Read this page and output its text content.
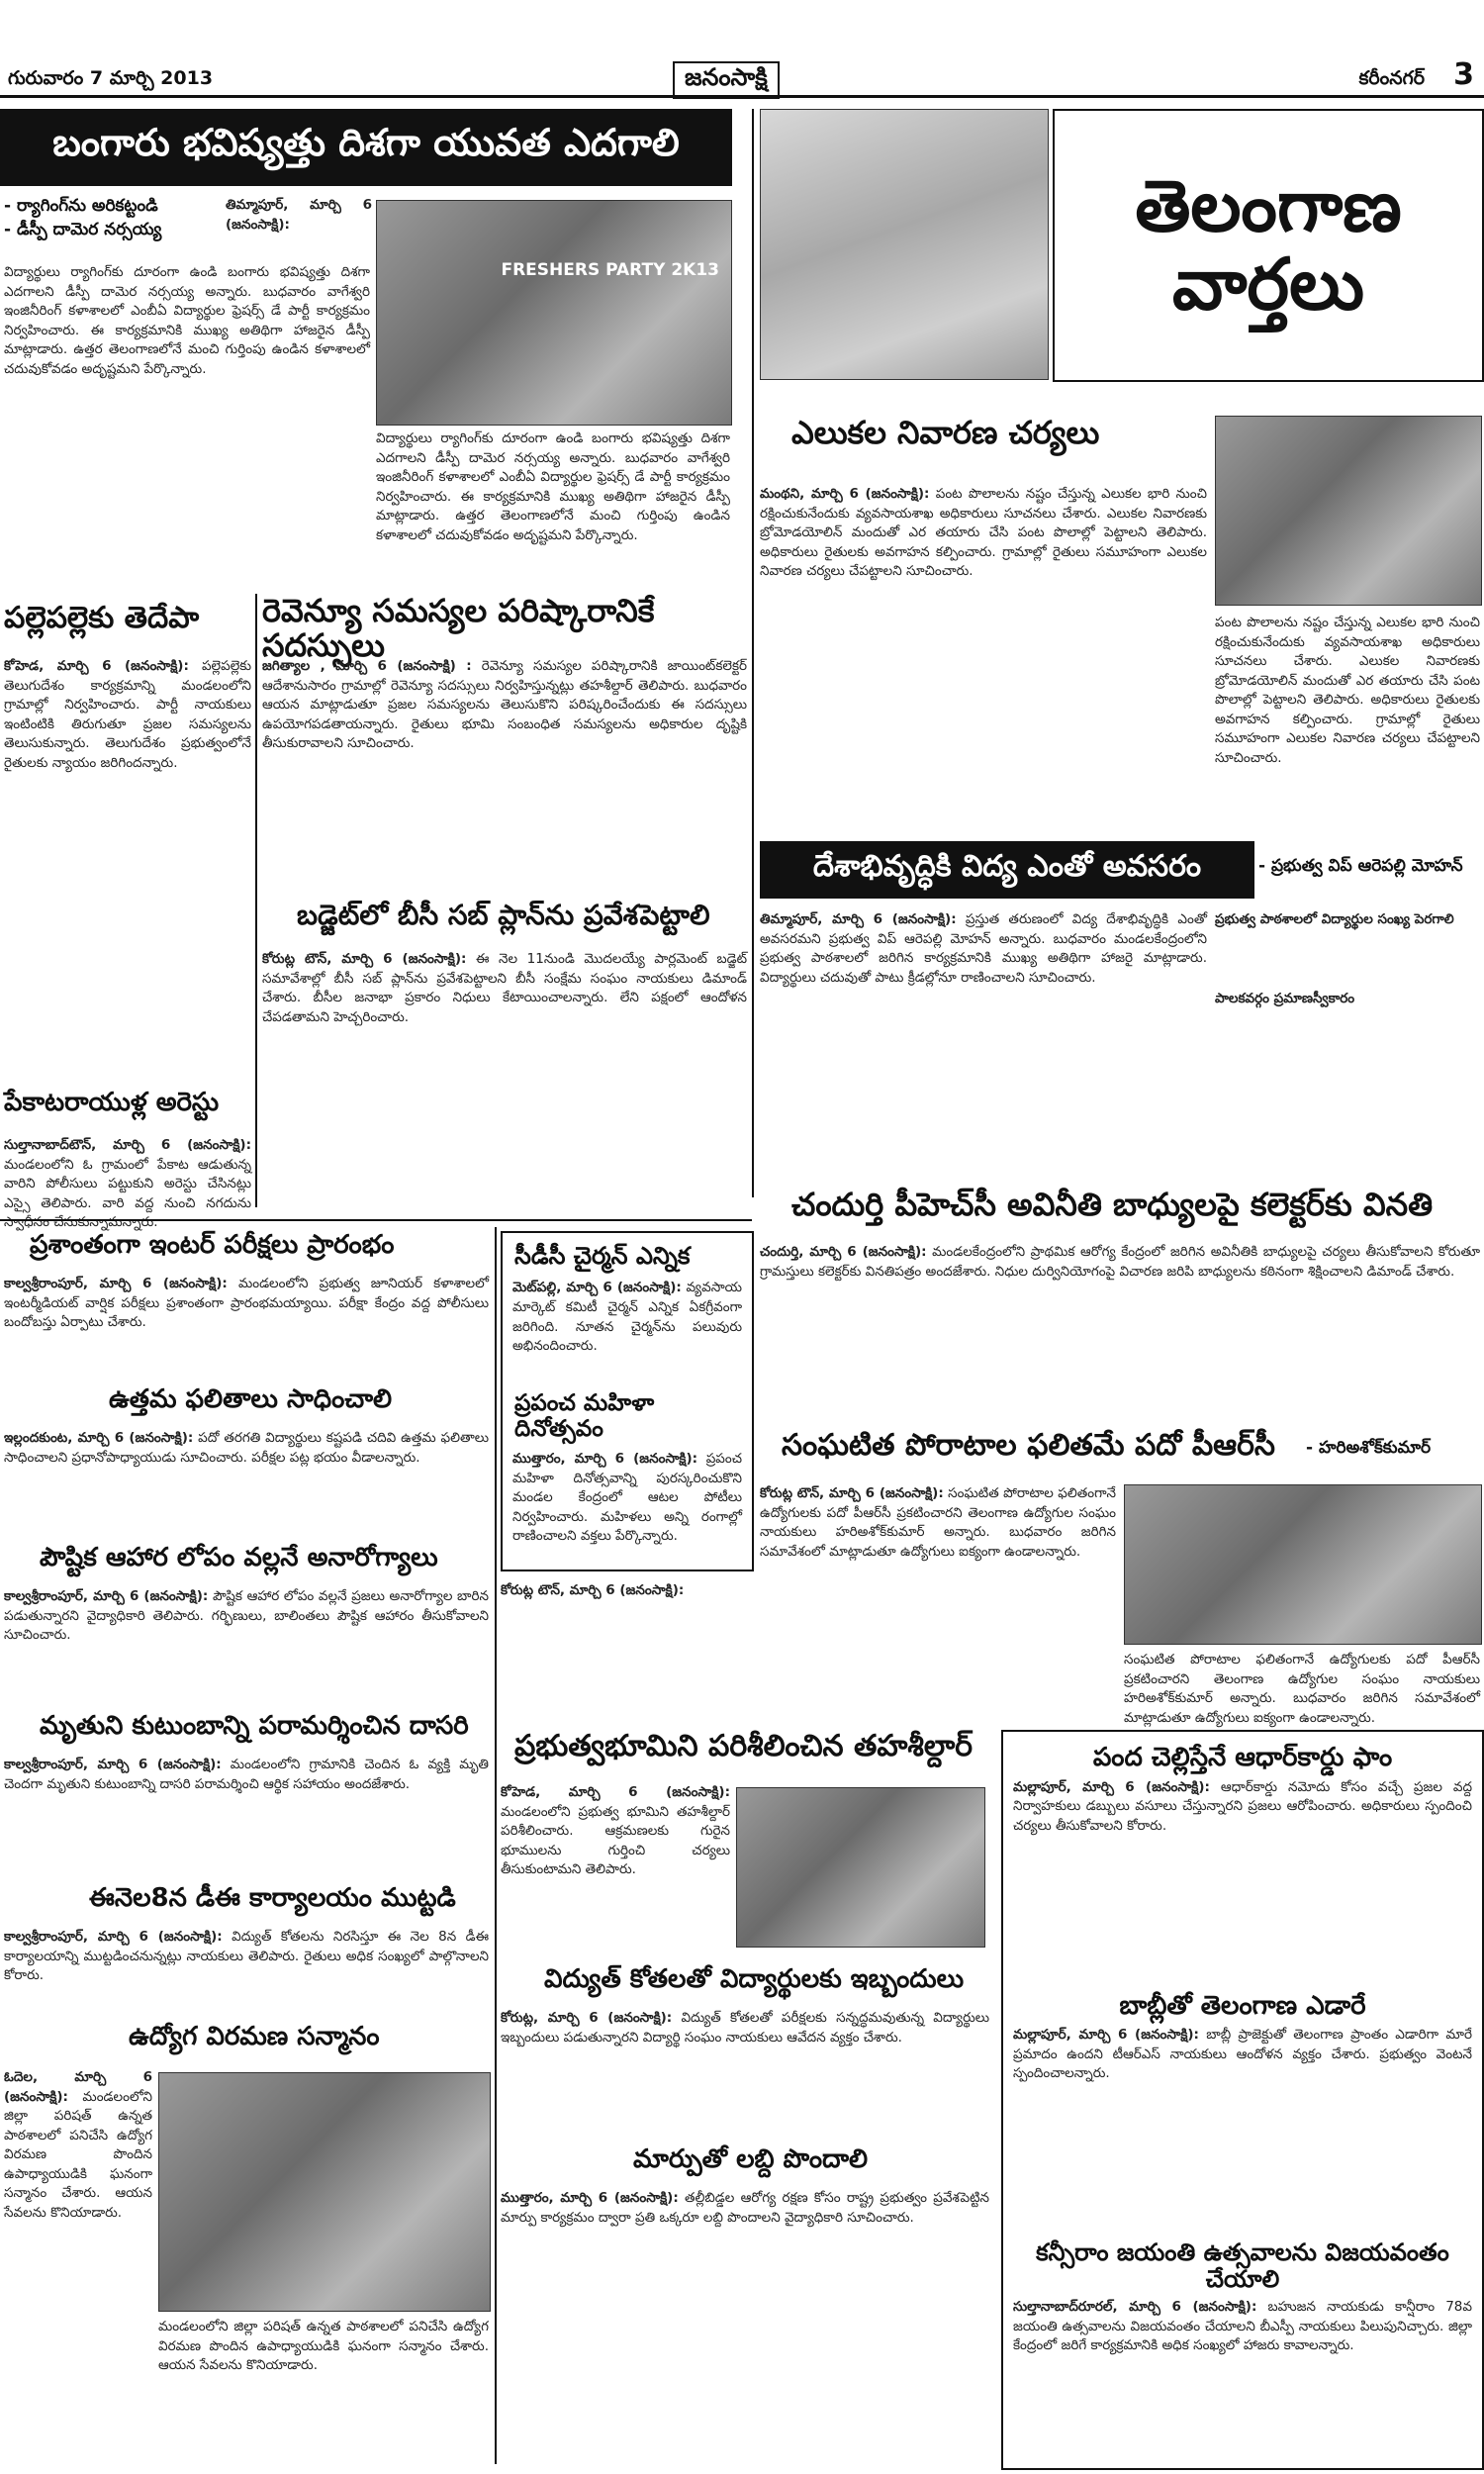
గురువారం 7 మార్చి 2013	జనంసాక్షి	కరీంనగర్ 3
బంగారు భవిష్యత్తు దిశగా యువత ఎదగాలి
- ర్యాగింగ్‌ను అరికట్టండి
- డీస్పీ దామెర నర్సయ్య
తిమ్మాపూర్‌, మార్చి 6 (జనంసాక్షి):
FRESHERS PARTY 2K13
విద్యార్థులు ర్యాగింగ్‌కు దూరంగా ఉండి బంగారు భవిష్యత్తు దిశగా ఎదగాలని డీస్పీ దామెర నర్సయ్య అన్నారు. బుధవారం వాగేశ్వరి ఇంజినీరింగ్‌ కళాశాలలో ఎంబీఏ విద్యార్థుల ఫ్రెషర్స్‌ డే పార్టీ కార్యక్రమం నిర్వహించారు. ఈ కార్యక్రమానికి ముఖ్య అతిథిగా హాజరైన డీస్పీ మాట్లాడారు. ఉత్తర తెలంగాణలోనే మంచి గుర్తింపు ఉండిన కళాశాలలో చదువుకోవడం అదృష్టమని పేర్కొన్నారు.
విద్యార్థులు ర్యాగింగ్‌కు దూరంగా ఉండి బంగారు భవిష్యత్తు దిశగా ఎదగాలని డీస్పీ దామెర నర్సయ్య అన్నారు. బుధవారం వాగేశ్వరి ఇంజినీరింగ్‌ కళాశాలలో ఎంబీఏ విద్యార్థుల ఫ్రెషర్స్‌ డే పార్టీ కార్యక్రమం నిర్వహించారు. ఈ కార్యక్రమానికి ముఖ్య అతిథిగా హాజరైన డీస్పీ మాట్లాడారు. ఉత్తర తెలంగాణలోనే మంచి గుర్తింపు ఉండిన కళాశాలలో చదువుకోవడం అదృష్టమని పేర్కొన్నారు.
తెలంగాణ
వార్తలు
ఎలుకల నివారణ చర్యలు
మంథని, మార్చి 6 (జనంసాక్షి): పంట పొలాలను నష్టం చేస్తున్న ఎలుకల భారి నుంచి రక్షించుకునేందుకు వ్యవసాయశాఖ అధికారులు సూచనలు చేశారు. ఎలుకల నివారణకు బ్రోమోడయోలిన్‌ మందుతో ఎర తయారు చేసి పంట పొలాల్లో పెట్టాలని తెలిపారు. అధికారులు రైతులకు అవగాహన కల్పించారు. గ్రామాల్లో రైతులు సమూహంగా ఎలుకల నివారణ చర్యలు చేపట్టాలని సూచించారు.
పంట పొలాలను నష్టం చేస్తున్న ఎలుకల భారి నుంచి రక్షించుకునేందుకు వ్యవసాయశాఖ అధికారులు సూచనలు చేశారు. ఎలుకల నివారణకు బ్రోమోడయోలిన్‌ మందుతో ఎర తయారు చేసి పంట పొలాల్లో పెట్టాలని తెలిపారు. అధికారులు రైతులకు అవగాహన కల్పించారు. గ్రామాల్లో రైతులు సమూహంగా ఎలుకల నివారణ చర్యలు చేపట్టాలని సూచించారు.
రెవెన్యూ సమస్యల పరిష్కారానికే సదస్సులు
జగిత్యాల , మార్చి 6 (జనంసాక్షి) : రెవెన్యూ సమస్యల పరిష్కారానికి జాయింట్‌కలెక్టర్‌ ఆదేశానుసారం గ్రామాల్లో రెవెన్యూ సదస్సులు నిర్వహిస్తున్నట్లు తహశీల్దార్‌ తెలిపారు. బుధవారం ఆయన మాట్లాడుతూ ప్రజల సమస్యలను తెలుసుకొని పరిష్కరించేందుకు ఈ సదస్సులు ఉపయోగపడతాయన్నారు. రైతులు భూమి సంబంధిత సమస్యలను అధికారుల దృష్టికి తీసుకురావాలని సూచించారు.
పల్లెపల్లెకు తెదేపా
కోహెడ, మార్చి 6 (జనంసాక్షి): పల్లెపల్లెకు తెలుగుదేశం కార్యక్రమాన్ని మండలంలోని గ్రామాల్లో నిర్వహించారు. పార్టీ నాయకులు ఇంటింటికి తిరుగుతూ ప్రజల సమస్యలను తెలుసుకున్నారు. తెలుగుదేశం ప్రభుత్వంలోనే రైతులకు న్యాయం జరిగిందన్నారు.
పేకాటరాయుళ్ల అరెస్టు
సుల్తానాబాద్‌టౌన్‌, మార్చి 6 (జనంసాక్షి): మండలంలోని ఓ గ్రామంలో పేకాట ఆడుతున్న వారిని పోలీసులు పట్టుకుని అరెస్టు చేసినట్లు ఎస్సై తెలిపారు. వారి వద్ద నుంచి నగదును స్వాధీనం చేసుకున్నామన్నారు.
బడ్జెట్‌లో బీసీ సబ్‌ ప్లాన్‌ను ప్రవేశపెట్టాలి
కోరుట్ల టౌన్‌, మార్చి 6 (జనంసాక్షి): ఈ నెల 11నుండి మొదలయ్యే పార్లమెంట్‌ బడ్జెట్‌ సమావేశాల్లో బీసీ సబ్‌ ప్లాన్‌ను ప్రవేశపెట్టాలని బీసీ సంక్షేమ సంఘం నాయకులు డిమాండ్‌ చేశారు. బీసీల జనాభా ప్రకారం నిధులు కేటాయించాలన్నారు. లేని పక్షంలో ఆందోళన చేపడతామని హెచ్చరించారు.
దేశాభివృద్ధికి విద్య ఎంతో అవసరం	- ప్రభుత్వ విప్‌ ఆరెపల్లి మోహన్‌
తిమ్మాపూర్‌, మార్చి 6 (జనంసాక్షి): ప్రస్తుత తరుణంలో విద్య దేశాభివృద్ధికి ఎంతో అవసరమని ప్రభుత్వ విప్‌ ఆరెపల్లి మోహన్‌ అన్నారు. బుధవారం మండలకేంద్రంలోని ప్రభుత్వ పాఠశాలలో జరిగిన కార్యక్రమానికి ముఖ్య అతిథిగా హాజరై మాట్లాడారు. విద్యార్థులు చదువుతో పాటు క్రీడల్లోనూ రాణించాలని సూచించారు.
ప్రభుత్వ పాఠశాలలో విద్యార్థుల సంఖ్య పెరగాలి
పాలకవర్గం ప్రమాణస్వీకారం
చందుర్తి పీహెచ్‌సీ అవినీతి బాధ్యులపై కలెక్టర్‌కు వినతి
చందుర్తి, మార్చి 6 (జనంసాక్షి): మండలకేంద్రంలోని ప్రాథమిక ఆరోగ్య కేంద్రంలో జరిగిన అవినీతికి బాధ్యులపై చర్యలు తీసుకోవాలని కోరుతూ గ్రామస్తులు కలెక్టర్‌కు వినతిపత్రం అందజేశారు. నిధుల దుర్వినియోగంపై విచారణ జరిపి బాధ్యులను కఠినంగా శిక్షించాలని డిమాండ్‌ చేశారు.
ప్రశాంతంగా ఇంటర్‌ పరీక్షలు ప్రారంభం
కాల్వశ్రీరాంపూర్‌, మార్చి 6 (జనంసాక్షి): మండలంలోని ప్రభుత్వ జూనియర్‌ కళాశాలలో ఇంటర్మీడియట్‌ వార్షిక పరీక్షలు ప్రశాంతంగా ప్రారంభమయ్యాయి. పరీక్షా కేంద్రం వద్ద పోలీసులు బందోబస్తు ఏర్పాటు చేశారు.
ఉత్తమ ఫలితాలు సాధించాలి
ఇల్లందకుంట, మార్చి 6 (జనంసాక్షి): పదో తరగతి విద్యార్థులు కష్టపడి చదివి ఉత్తమ ఫలితాలు సాధించాలని ప్రధానోపాధ్యాయుడు సూచించారు. పరీక్షల పట్ల భయం వీడాలన్నారు.
పౌష్టిక ఆహార లోపం వల్లనే అనారోగ్యాలు
కాల్వశ్రీరాంపూర్‌, మార్చి 6 (జనంసాక్షి): పౌష్టిక ఆహార లోపం వల్లనే ప్రజలు అనారోగ్యాల బారిన పడుతున్నారని వైద్యాధికారి తెలిపారు. గర్భిణులు, బాలింతలు పౌష్టిక ఆహారం తీసుకోవాలని సూచించారు.
మృతుని కుటుంబాన్ని పరామర్శించిన దాసరి
కాల్వశ్రీరాంపూర్‌, మార్చి 6 (జనంసాక్షి): మండలంలోని గ్రామానికి చెందిన ఓ వ్యక్తి మృతి చెందగా మృతుని కుటుంబాన్ని దాసరి పరామర్శించి ఆర్థిక సహాయం అందజేశారు.
ఈనెల8న డీఈ కార్యాలయం ముట్టడి
కాల్వశ్రీరాంపూర్‌, మార్చి 6 (జనంసాక్షి): విద్యుత్‌ కోతలను నిరసిస్తూ ఈ నెల 8న డీఈ కార్యాలయాన్ని ముట్టడించనున్నట్లు నాయకులు తెలిపారు. రైతులు అధిక సంఖ్యలో పాల్గొనాలని కోరారు.
ఉద్యోగ విరమణ సన్మానం
ఓదెల, మార్చి 6 (జనంసాక్షి): మండలంలోని జిల్లా పరిషత్‌ ఉన్నత పాఠశాలలో పనిచేసి ఉద్యోగ విరమణ పొందిన ఉపాధ్యాయుడికి ఘనంగా సన్మానం చేశారు. ఆయన సేవలను కొనియాడారు.
మండలంలోని జిల్లా పరిషత్‌ ఉన్నత పాఠశాలలో పనిచేసి ఉద్యోగ విరమణ పొందిన ఉపాధ్యాయుడికి ఘనంగా సన్మానం చేశారు. ఆయన సేవలను కొనియాడారు.
సీడీసీ చైర్మన్‌ ఎన్నిక
మెట్‌పల్లి, మార్చి 6 (జనంసాక్షి): వ్యవసాయ మార్కెట్‌ కమిటీ చైర్మన్‌ ఎన్నిక ఏకగ్రీవంగా జరిగింది. నూతన చైర్మన్‌ను పలువురు అభినందించారు.
ప్రపంచ మహిళా దినోత్సవం
ముత్తారం, మార్చి 6 (జనంసాక్షి): ప్రపంచ మహిళా దినోత్సవాన్ని పురస్కరించుకొని మండల కేంద్రంలో ఆటల పోటీలు నిర్వహించారు. మహిళలు అన్ని రంగాల్లో రాణించాలని వక్తలు పేర్కొన్నారు.
సంఘటిత పోరాటాల ఫలితమే పదో పీఆర్‌సీ	- హరిఅశోక్‌కుమార్‌
కోరుట్ల టౌన్‌, మార్చి 6 (జనంసాక్షి):
కోరుట్ల టౌన్‌, మార్చి 6 (జనంసాక్షి): సంఘటిత పోరాటాల ఫలితంగానే ఉద్యోగులకు పదో పీఆర్‌సీ ప్రకటించారని తెలంగాణ ఉద్యోగుల సంఘం నాయకులు హరిఅశోక్‌కుమార్‌ అన్నారు. బుధవారం జరిగిన సమావేశంలో మాట్లాడుతూ ఉద్యోగులు ఐక్యంగా ఉండాలన్నారు.
సంఘటిత పోరాటాల ఫలితంగానే ఉద్యోగులకు పదో పీఆర్‌సీ ప్రకటించారని తెలంగాణ ఉద్యోగుల సంఘం నాయకులు హరిఅశోక్‌కుమార్‌ అన్నారు. బుధవారం జరిగిన సమావేశంలో మాట్లాడుతూ ఉద్యోగులు ఐక్యంగా ఉండాలన్నారు.
ప్రభుత్వభూమిని పరిశీలించిన తహశీల్దార్‌
కోహెడ, మార్చి 6 (జనంసాక్షి): మండలంలోని ప్రభుత్వ భూమిని తహశీల్దార్‌ పరిశీలించారు. ఆక్రమణలకు గురైన భూములను గుర్తించి చర్యలు తీసుకుంటామని తెలిపారు.
విద్యుత్‌ కోతలతో విద్యార్థులకు ఇబ్బందులు
కోరుట్ల, మార్చి 6 (జనంసాక్షి): విద్యుత్‌ కోతలతో పరీక్షలకు సన్నద్ధమవుతున్న విద్యార్థులు ఇబ్బందులు పడుతున్నారని విద్యార్థి సంఘం నాయకులు ఆవేదన వ్యక్తం చేశారు.
మార్పుతో లబ్ది పొందాలి
ముత్తారం, మార్చి 6 (జనంసాక్షి): తల్లీబిడ్డల ఆరోగ్య రక్షణ కోసం రాష్ట్ర ప్రభుత్వం ప్రవేశపెట్టిన మార్పు కార్యక్రమం ద్వారా ప్రతి ఒక్కరూ లబ్ది పొందాలని వైద్యాధికారి సూచించారు.
పంద చెల్లిస్తేనే ఆధార్‌కార్డు ఫాం
మల్లాపూర్‌, మార్చి 6 (జనంసాక్షి): ఆధార్‌కార్డు నమోదు కోసం వచ్చే ప్రజల వద్ద నిర్వాహకులు డబ్బులు వసూలు చేస్తున్నారని ప్రజలు ఆరోపించారు. అధికారులు స్పందించి చర్యలు తీసుకోవాలని కోరారు.
బాబ్లీతో తెలంగాణ ఎడారే
మల్లాపూర్‌, మార్చి 6 (జనంసాక్షి): బాబ్లీ ప్రాజెక్టుతో తెలంగాణ ప్రాంతం ఎడారిగా మారే ప్రమాదం ఉందని టీఆర్‌ఎస్‌ నాయకులు ఆందోళన వ్యక్తం చేశారు. ప్రభుత్వం వెంటనే స్పందించాలన్నారు.
కన్సీరాం జయంతి ఉత్సవాలను విజయవంతం చేయాలి
సుల్తానాబాద్‌రూరల్‌, మార్చి 6 (జనంసాక్షి): బహుజన నాయకుడు కాన్షీరాం 78వ జయంతి ఉత్సవాలను విజయవంతం చేయాలని బీఎస్పీ నాయకులు పిలుపునిచ్చారు. జిల్లా కేంద్రంలో జరిగే కార్యక్రమానికి అధిక సంఖ్యలో హాజరు కావాలన్నారు.
